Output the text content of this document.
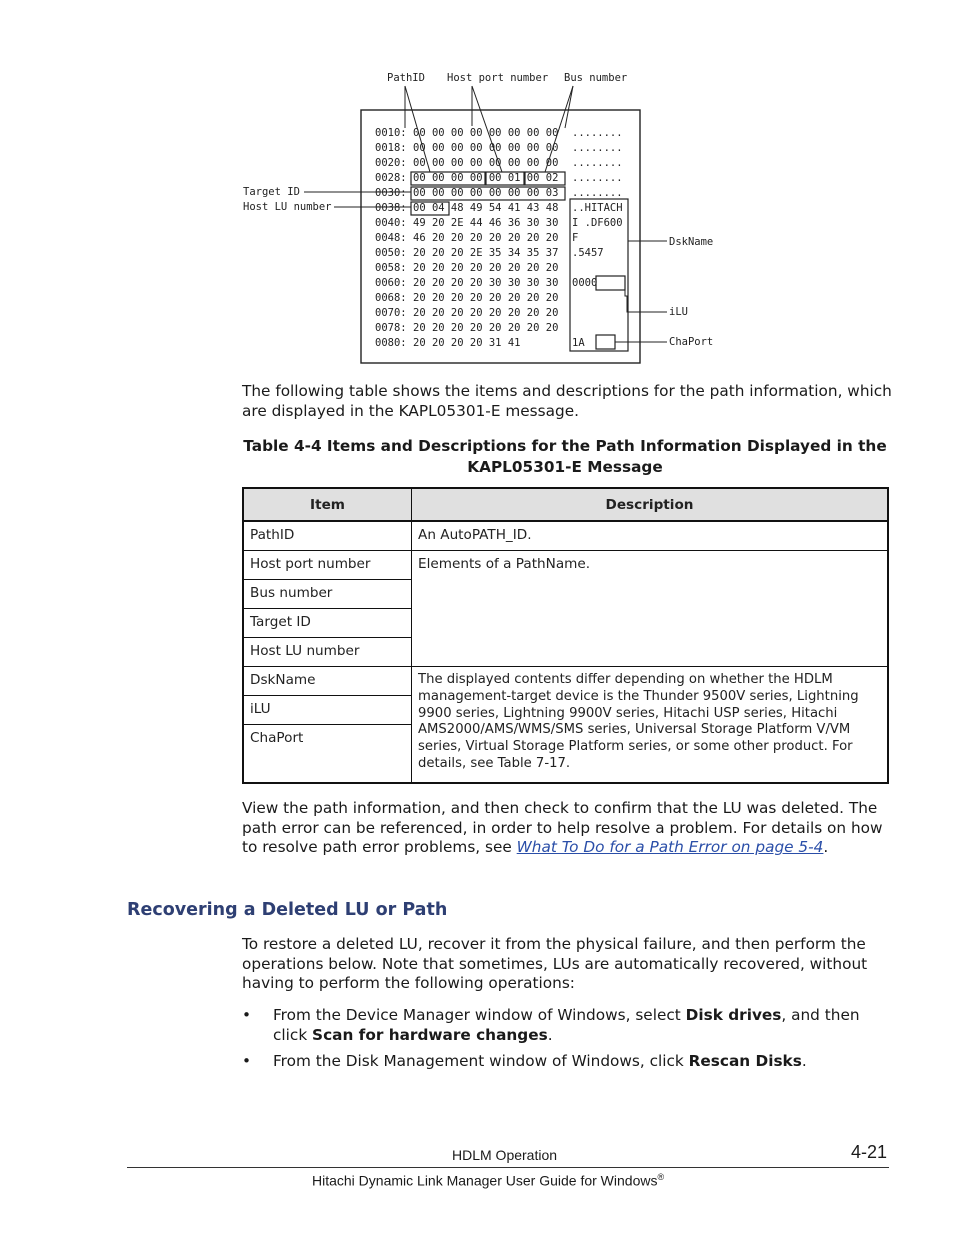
PathID Host port number Bus number
Target ID
Host LU number
DskName
iLU
ChaPort
0010: 00 00 00 00 00 00 00 00 ........
0018: 00 00 00 00 00 00 00 00 ........
0020: 00 00 00 00 00 00 00 00 ........
0028: 00 00 00 00 00 01 00 02 ........
0030: 00 00 00 00 00 00 00 03 ........
0038: 00 04 48 49 54 41 43 48 ..HITACH
0040: 49 20 2E 44 46 36 30 30 I .DF600
0048: 46 20 20 20 20 20 20 20 F
0050: 20 20 20 2E 35 34 35 37 .5457
0058: 20 20 20 20 20 20 20 20
0060: 20 20 20 20 30 30 30 30 0000
0068: 20 20 20 20 20 20 20 20
0070: 20 20 20 20 20 20 20 20
0078: 20 20 20 20 20 20 20 20
0080: 20 20 20 20 31 41	1A
The following table shows the items and descriptions for the path information, which are displayed in the KAPL05301-E message.
Table 4-4 Items and Descriptions for the Path Information Displayed in the KAPL05301-E Message
Item	Description
PathID	An AutoPATH_ID.
Host port number	Elements of a PathName.
Bus number	
Target ID	
Host LU number	
DskName	The displayed contents differ depending on whether the HDLM management-target device is the Thunder 9500V series, Lightning 9900 series, Lightning 9900V series, Hitachi USP series, Hitachi AMS2000/AMS/WMS/SMS series, Universal Storage Platform V/VM series, Virtual Storage Platform series, or some other product. For details, see Table 7-17.
iLU	
ChaPort	
View the path information, and then check to confirm that the LU was deleted. The path error can be referenced, in order to help resolve a problem. For details on how to resolve path error problems, see What To Do for a Path Error on page 5-4.
Recovering a Deleted LU or Path
To restore a deleted LU, recover it from the physical failure, and then perform the operations below. Note that sometimes, LUs are automatically recovered, without having to perform the following operations:
• From the Device Manager window of Windows, select Disk drives, and then click Scan for hardware changes.
• From the Disk Management window of Windows, click Rescan Disks.
HDLM Operation	4-21
Hitachi Dynamic Link Manager User Guide for Windows®
